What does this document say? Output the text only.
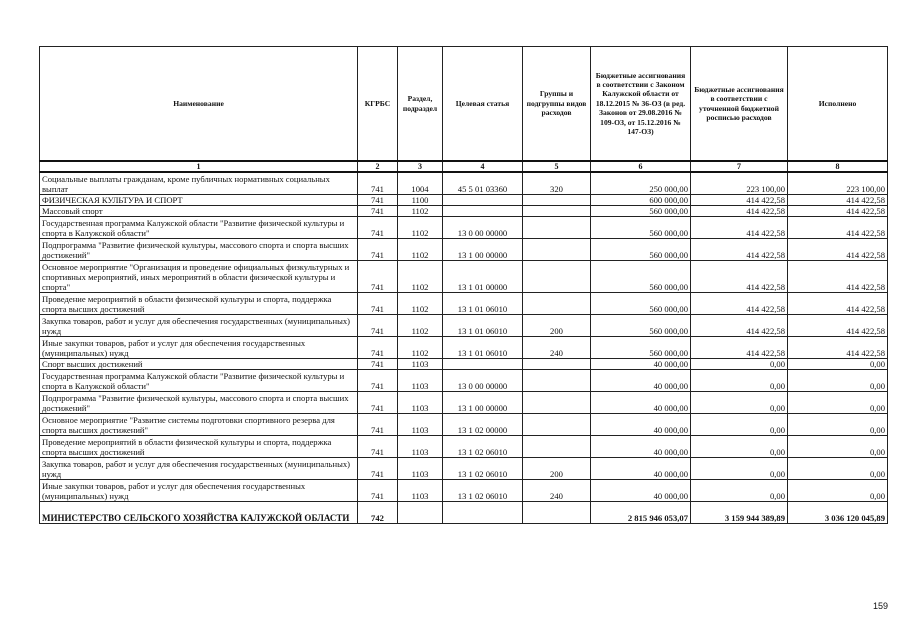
Наименование	КГРБС	Раздел, подраздел	Целевая статья	Группы и подгруппы видов расходов	Бюджетные ассигнования в соответствии с Законом Калужской области от 18.12.2015 № 36-ОЗ (в ред. Законов от 29.08.2016 № 109-ОЗ, от 15.12.2016 № 147-ОЗ)	Бюджетные ассигнования в соответствии с уточненной бюджетной росписью расходов	Исполнено
1	2	3	4	5	6	7	8
Социальные выплаты гражданам, кроме публичных нормативных социальных выплат	741	1004	45 5 01 03360	320	250 000,00	223 100,00	223 100,00
ФИЗИЧЕСКАЯ КУЛЬТУРА И СПОРТ	741	1100			600 000,00	414 422,58	414 422,58
Массовый спорт	741	1102			560 000,00	414 422,58	414 422,58
Государственная программа Калужской области "Развитие физической культуры и спорта в Калужской области"	741	1102	13 0 00 00000		560 000,00	414 422,58	414 422,58
Подпрограмма "Развитие физической культуры, массового спорта и спорта высших достижений"	741	1102	13 1 00 00000		560 000,00	414 422,58	414 422,58
Основное мероприятие "Организация и проведение официальных физкультурных и спортивных мероприятий, иных мероприятий в области физической культуры и спорта"	741	1102	13 1 01 00000		560 000,00	414 422,58	414 422,58
Проведение мероприятий в области физической культуры и спорта, поддержка спорта высших достижений	741	1102	13 1 01 06010		560 000,00	414 422,58	414 422,58
Закупка товаров, работ и услуг для обеспечения государственных (муниципальных) нужд	741	1102	13 1 01 06010	200	560 000,00	414 422,58	414 422,58
Иные закупки товаров, работ и услуг для обеспечения государственных (муниципальных) нужд	741	1102	13 1 01 06010	240	560 000,00	414 422,58	414 422,58
Спорт высших достижений	741	1103			40 000,00	0,00	0,00
Государственная программа Калужской области "Развитие физической культуры и спорта в Калужской области"	741	1103	13 0 00 00000		40 000,00	0,00	0,00
Подпрограмма "Развитие физической культуры, массового спорта и спорта высших достижений"	741	1103	13 1 00 00000		40 000,00	0,00	0,00
Основное мероприятие "Развитие системы подготовки спортивного резерва для спорта высших достижений"	741	1103	13 1 02 00000		40 000,00	0,00	0,00
Проведение мероприятий в области физической культуры и спорта, поддержка спорта высших достижений	741	1103	13 1 02 06010		40 000,00	0,00	0,00
Закупка товаров, работ и услуг для обеспечения государственных (муниципальных) нужд	741	1103	13 1 02 06010	200	40 000,00	0,00	0,00
Иные закупки товаров, работ и услуг для обеспечения государственных (муниципальных) нужд	741	1103	13 1 02 06010	240	40 000,00	0,00	0,00
МИНИСТЕРСТВО СЕЛЬСКОГО ХОЗЯЙСТВА КАЛУЖСКОЙ ОБЛАСТИ	742				2 815 946 053,07	3 159 944 389,89	3 036 120 045,89
159
